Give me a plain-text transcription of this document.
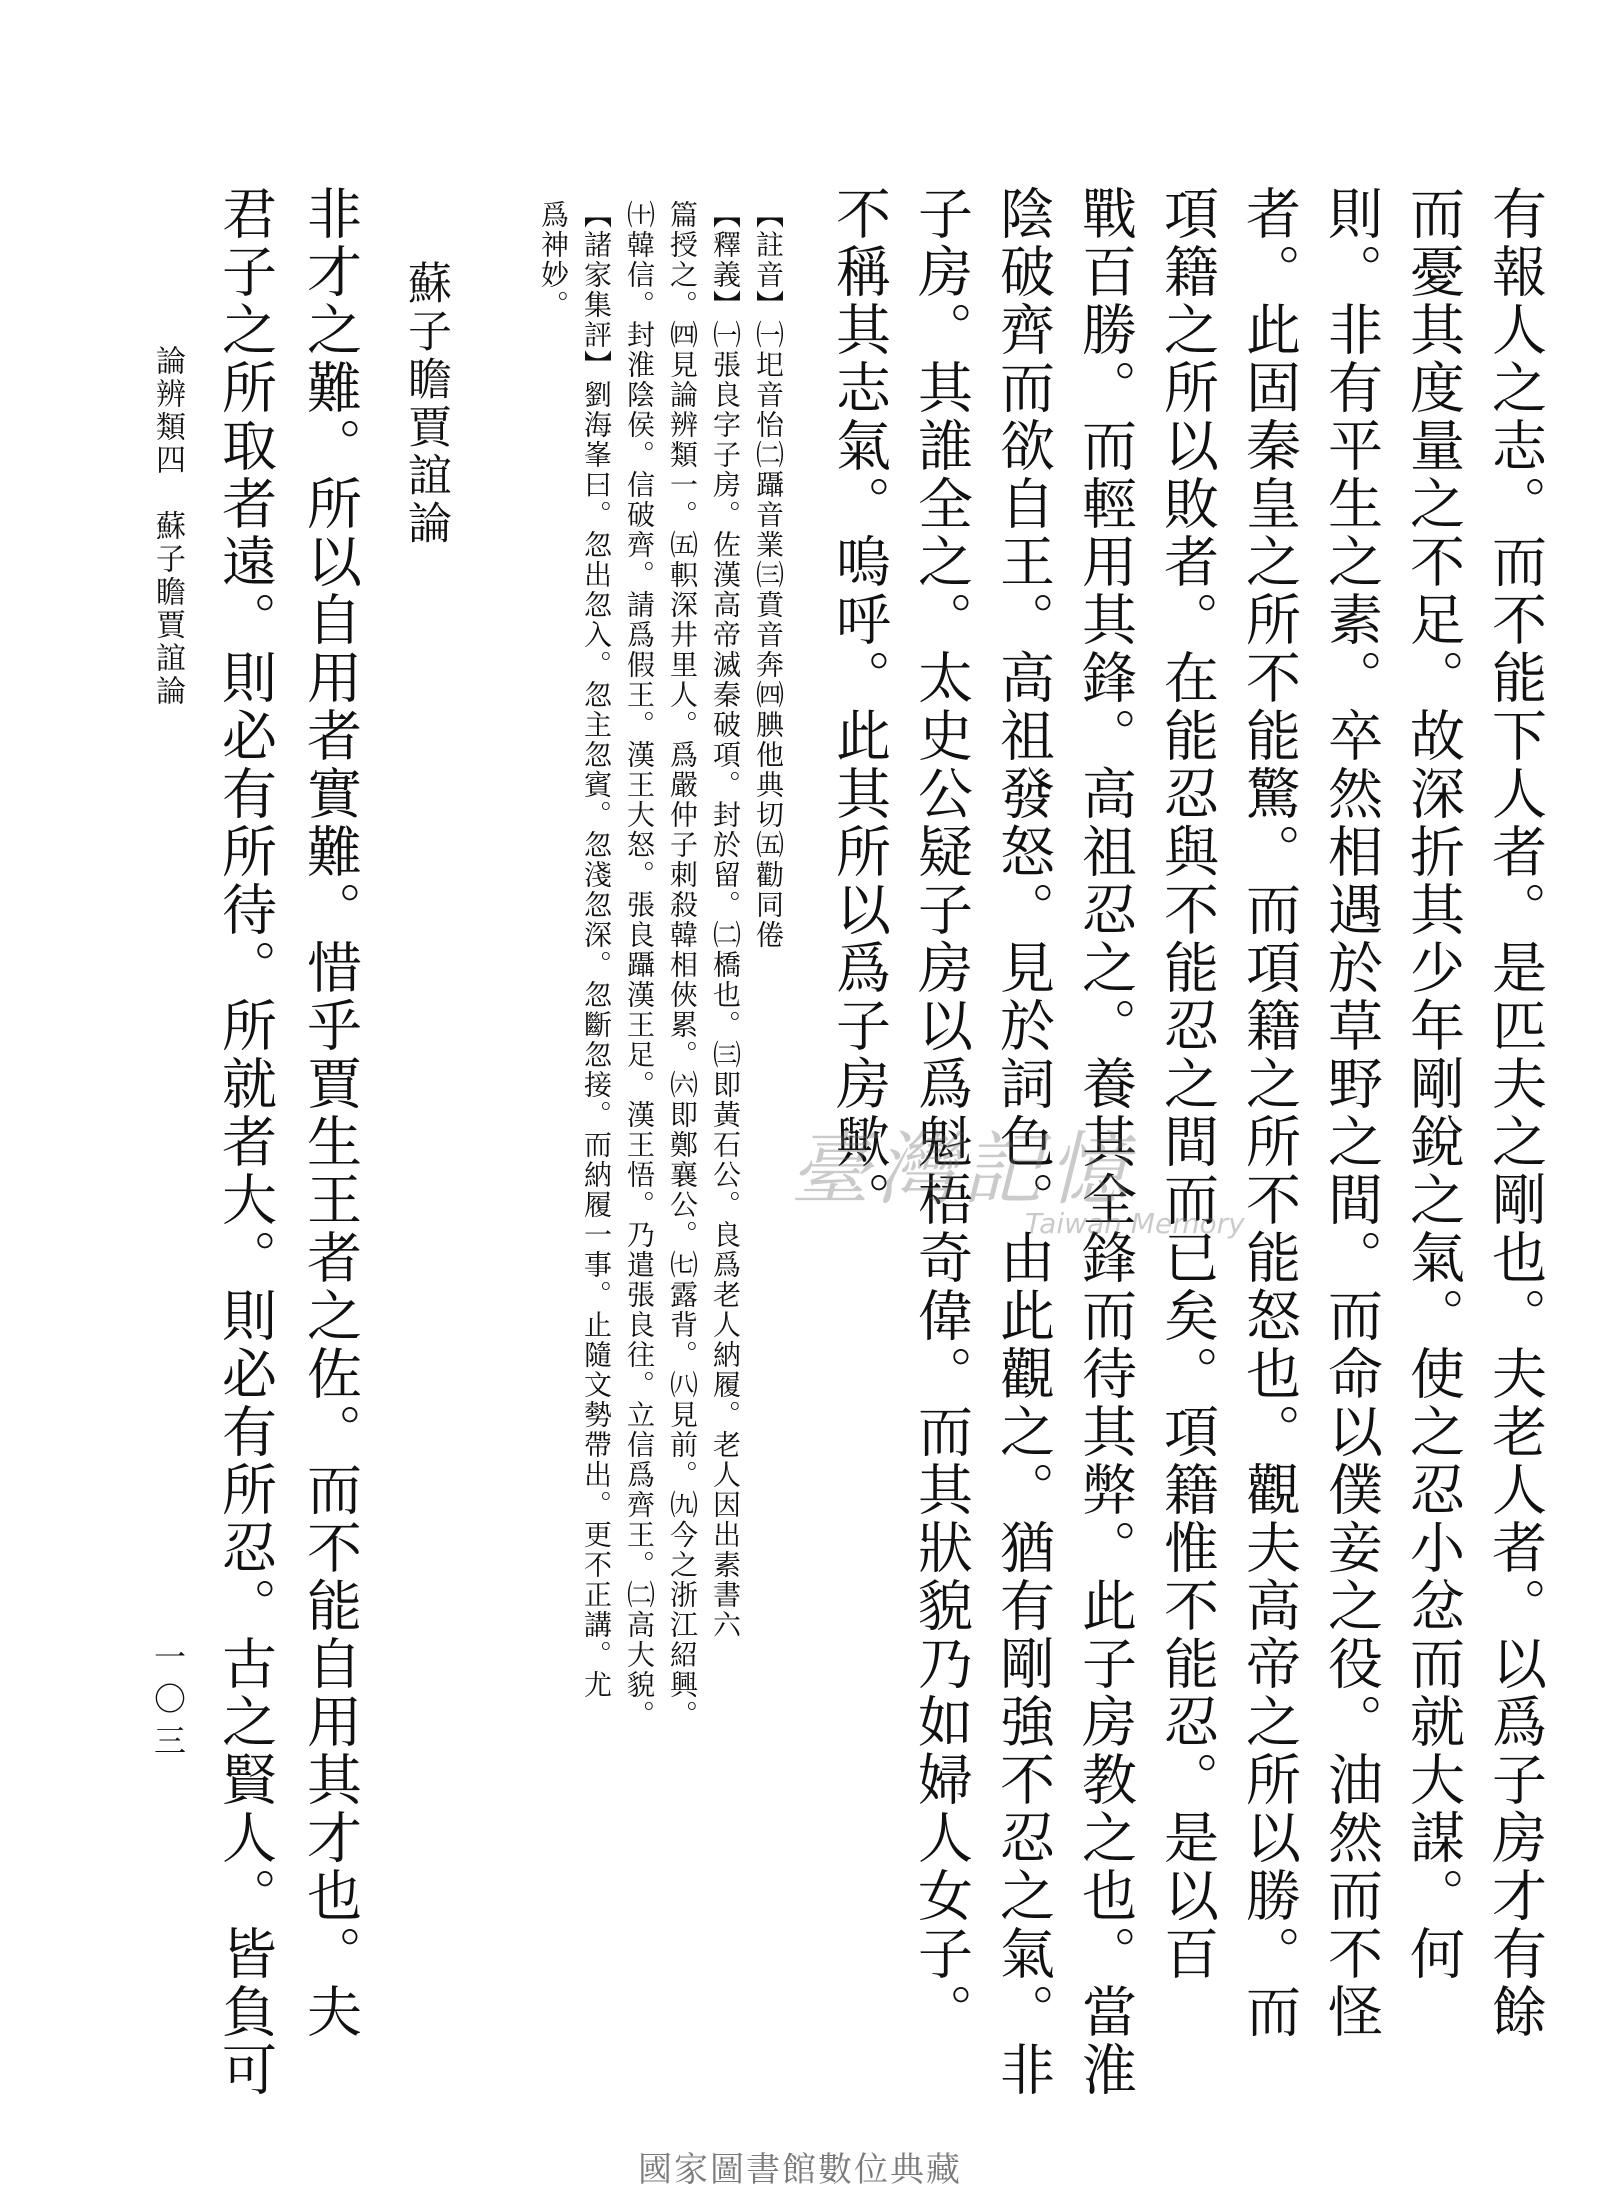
有報人之志。而不能下人者。是匹夫之剛也。夫老人者。以爲子房才有餘
而憂其度量之不足。故深折其少年剛銳之氣。使之忍小忿而就大謀。何
則。非有平生之素。卒然相遇於草野之間。而命以僕妾之役。油然而不怪
者。此固秦皇之所不能驚。而項籍之所不能怒也。觀夫高帝之所以勝。而
項籍之所以敗者。在能忍與不能忍之間而已矣。項籍惟不能忍。是以百
戰百勝。而輕用其鋒。高祖忍之。養其全鋒而待其弊。此子房教之也。當淮
陰破齊而欲自王。高祖發怒。見於詞色。由此觀之。猶有剛強不忍之氣。非
子房。其誰全之。太史公疑子房以爲魁梧奇偉。而其狀貌乃如婦人女子。
不稱其志氣。嗚呼。此其所以爲子房歟。
【註音】㈠圯音怡㈡躡音業㈢賁音奔㈣腆他典切㈤勸同倦
【釋義】㈠張良字子房。佐漢高帝滅秦破項。封於留。㈡橋也。㈢即黃石公。良爲老人納履。老人因出素書六
篇授之。㈣見論辨類一。㈤軹深井里人。爲嚴仲子刺殺韓相俠累。㈥即鄭襄公。㈦露背。㈧見前。㈨今之浙江紹興。
㈩韓信。封淮陰侯。信破齊。請爲假王。漢王大怒。張良躡漢王足。漢王悟。乃遣張良往。立信爲齊王。㈡高大貌。
【諸家集評】劉海峯曰。忽出忽入。忽主忽賓。忽淺忽深。忽斷忽接。而納履一事。止隨文勢帶出。更不正講。尤
爲神妙。
蘇子瞻賈誼論
非才之難。所以自用者實難。惜乎賈生王者之佐。而不能自用其才也。夫
君子之所取者遠。則必有所待。所就者大。則必有所忍。古之賢人。皆負可
論辨類四　蘇子瞻賈誼論
一〇三
臺灣記憶
Taiwan Memory
國家圖書館數位典藏
